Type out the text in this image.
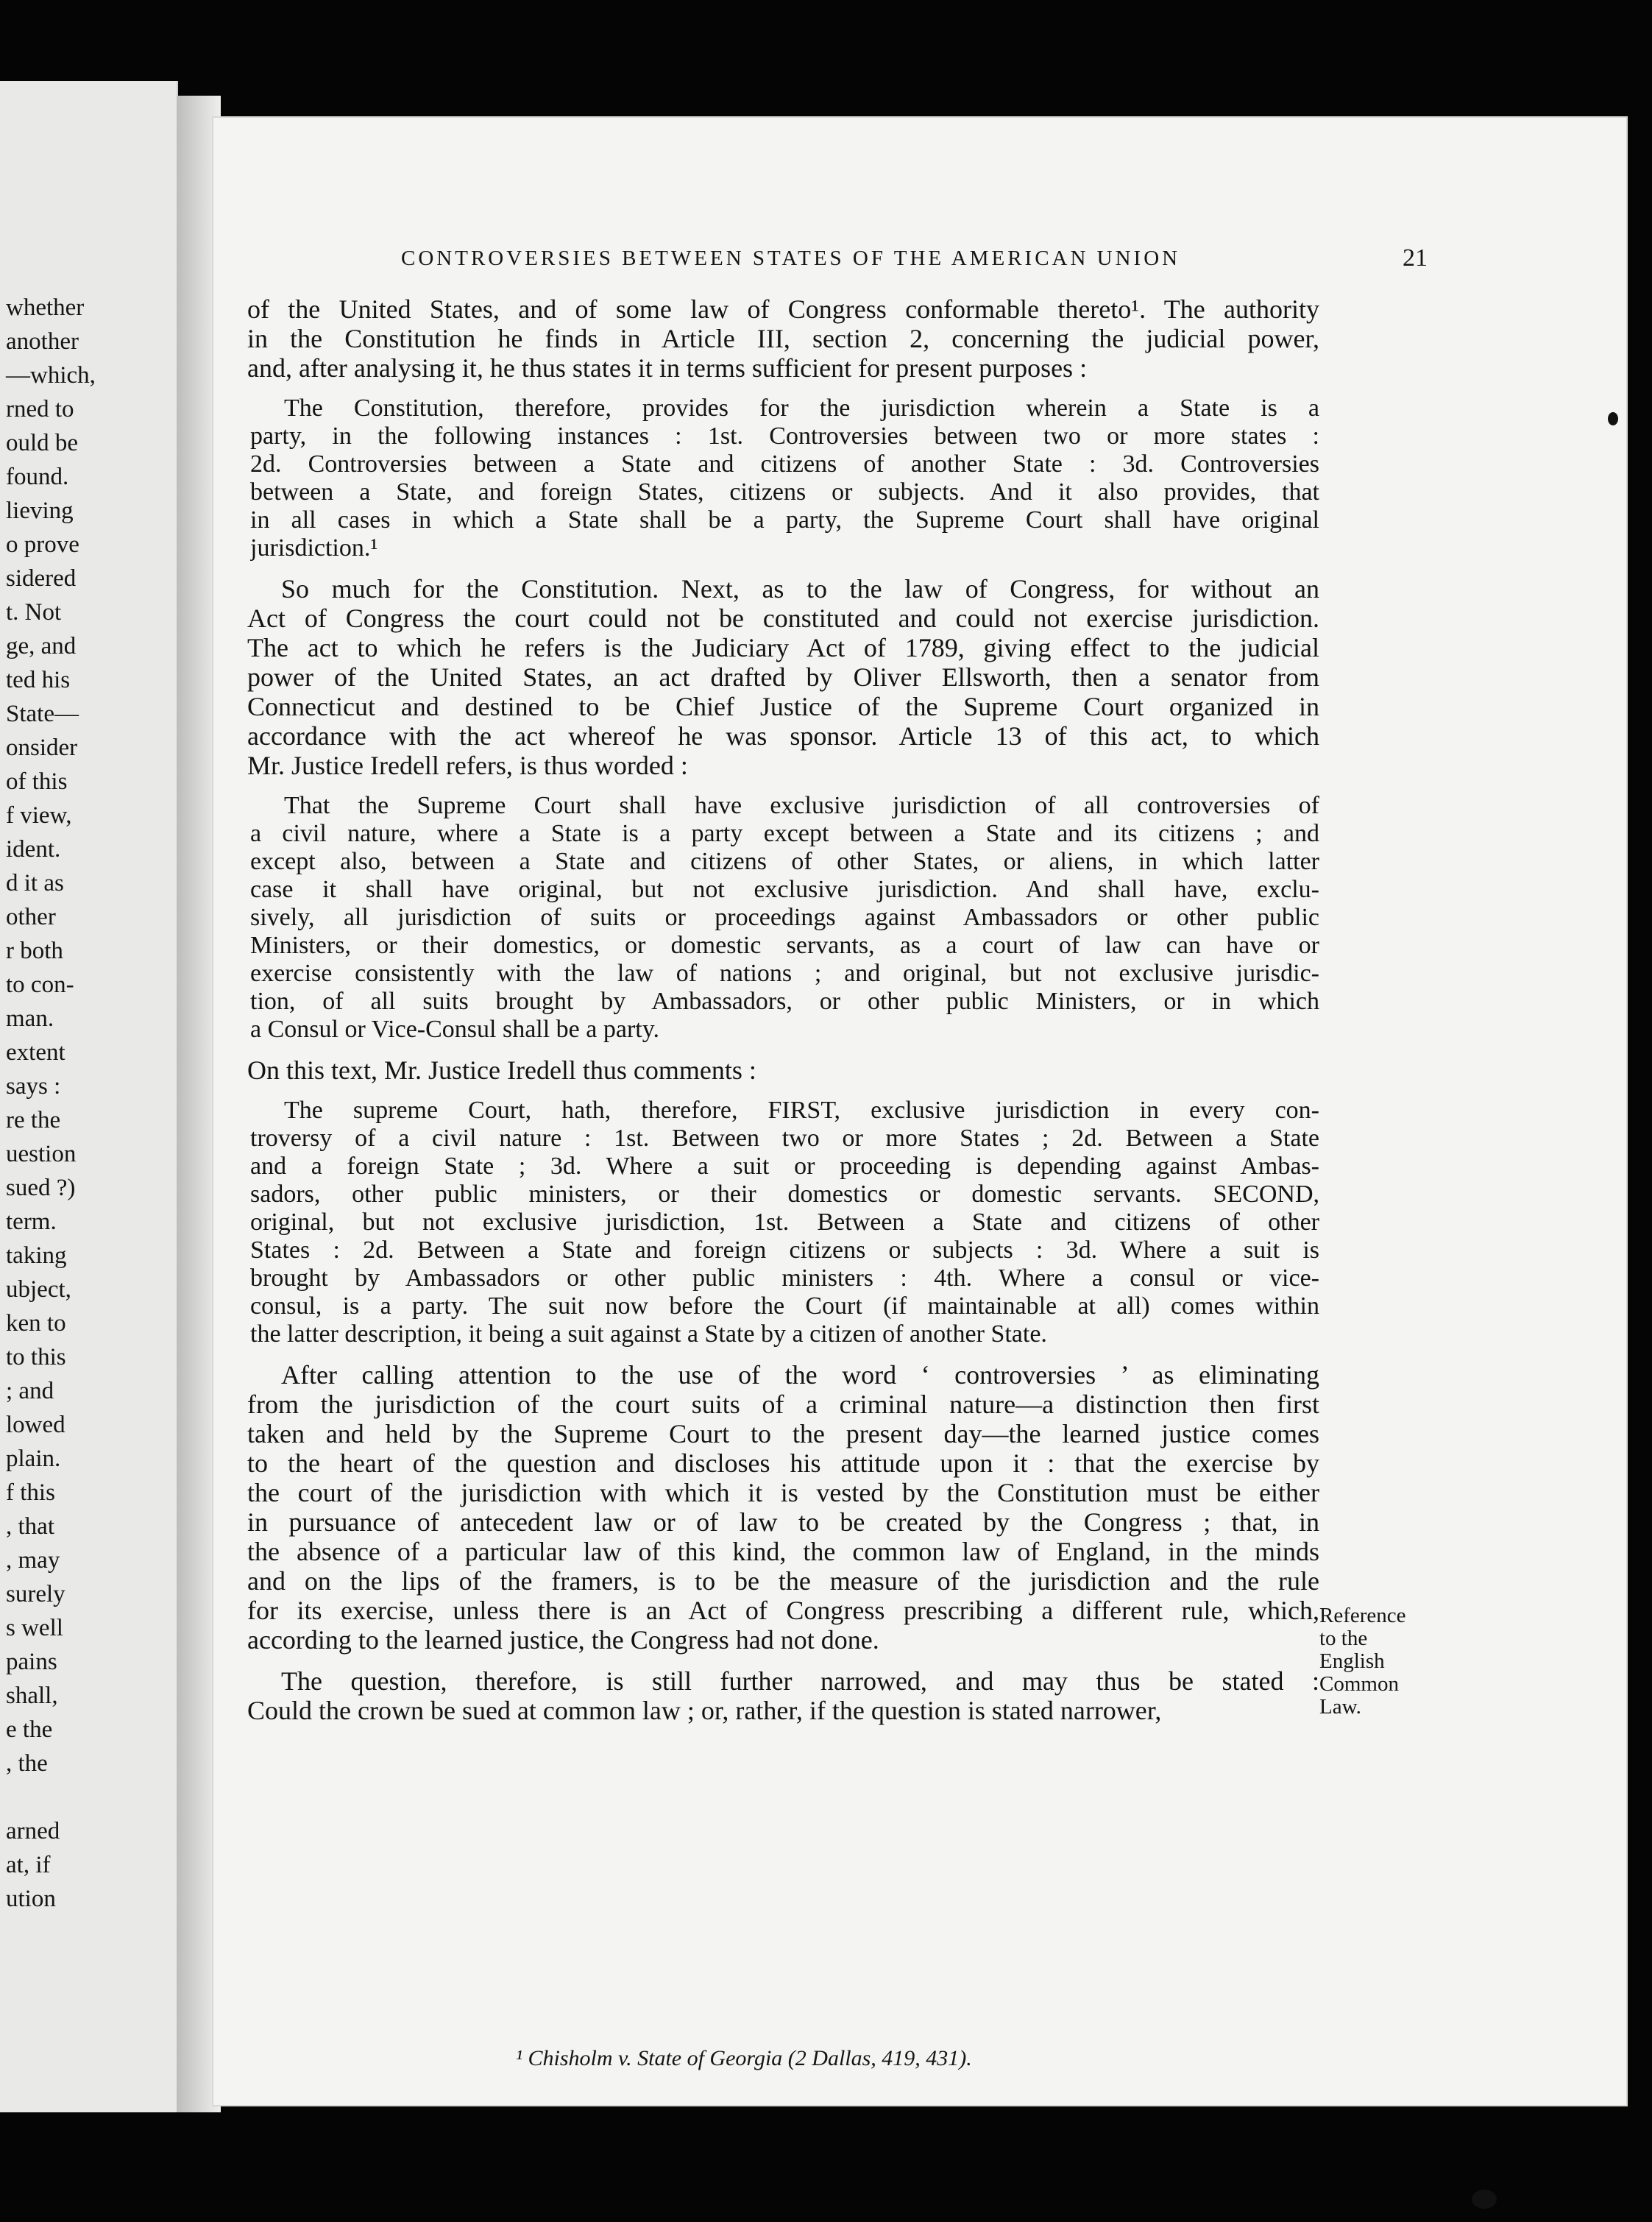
whether
another
—which,
rned to
ould be
found.
lieving
o prove
sidered
t. Not
ge, and
ted his
State—
onsider
of this
f view,
ident.
d it as
other
r both
to con-
man.
extent
says :
re the
uestion
sued ?)
term.
taking
ubject,
ken to
to this
; and
lowed
plain.
f this
, that
, may
surely
s well
pains
shall,
e the
, the
arned
at, if
ution
CONTROVERSIES BETWEEN STATES OF THE AMERICAN UNION	21
of the United States, and of some law of Congress conformable thereto¹. The authority
in the Constitution he finds in Article III, section 2, concerning the judicial power,
and, after analysing it, he thus states it in terms sufficient for present purposes :
The Constitution, therefore, provides for the jurisdiction wherein a State is a
party, in the following instances : 1st. Controversies between two or more states :
2d. Controversies between a State and citizens of another State : 3d. Controversies
between a State, and foreign States, citizens or subjects. And it also provides, that
in all cases in which a State shall be a party, the Supreme Court shall have original
jurisdiction.¹
So much for the Constitution. Next, as to the law of Congress, for without an
Act of Congress the court could not be constituted and could not exercise jurisdiction.
The act to which he refers is the Judiciary Act of 1789, giving effect to the judicial
power of the United States, an act drafted by Oliver Ellsworth, then a senator from
Connecticut and destined to be Chief Justice of the Supreme Court organized in
accordance with the act whereof he was sponsor. Article 13 of this act, to which
Mr. Justice Iredell refers, is thus worded :
That the Supreme Court shall have exclusive jurisdiction of all controversies of
a civil nature, where a State is a party except between a State and its citizens ; and
except also, between a State and citizens of other States, or aliens, in which latter
case it shall have original, but not exclusive jurisdiction. And shall have, exclu-
sively, all jurisdiction of suits or proceedings against Ambassadors or other public
Ministers, or their domestics, or domestic servants, as a court of law can have or
exercise consistently with the law of nations ; and original, but not exclusive jurisdic-
tion, of all suits brought by Ambassadors, or other public Ministers, or in which
a Consul or Vice-Consul shall be a party.
On this text, Mr. Justice Iredell thus comments :
The supreme Court, hath, therefore, FIRST, exclusive jurisdiction in every con-
troversy of a civil nature : 1st. Between two or more States ; 2d. Between a State
and a foreign State ; 3d. Where a suit or proceeding is depending against Ambas-
sadors, other public ministers, or their domestics or domestic servants. SECOND,
original, but not exclusive jurisdiction, 1st. Between a State and citizens of other
States : 2d. Between a State and foreign citizens or subjects : 3d. Where a suit is
brought by Ambassadors or other public ministers : 4th. Where a consul or vice-
consul, is a party. The suit now before the Court (if maintainable at all) comes within
the latter description, it being a suit against a State by a citizen of another State.
After calling attention to the use of the word ‘ controversies ’ as eliminating
from the jurisdiction of the court suits of a criminal nature—a distinction then first
taken and held by the Supreme Court to the present day—the learned justice comes
to the heart of the question and discloses his attitude upon it : that the exercise by
the court of the jurisdiction with which it is vested by the Constitution must be either
in pursuance of antecedent law or of law to be created by the Congress ; that, in
the absence of a particular law of this kind, the common law of England, in the minds
and on the lips of the framers, is to be the measure of the jurisdiction and the rule
for its exercise, unless there is an Act of Congress prescribing a different rule, which,
according to the learned justice, the Congress had not done.
The question, therefore, is still further narrowed, and may thus be stated :
Could the crown be sued at common law ; or, rather, if the question is stated narrower,
Reference
to the
English
Common
Law.
¹ Chisholm v. State of Georgia (2 Dallas, 419, 431).
